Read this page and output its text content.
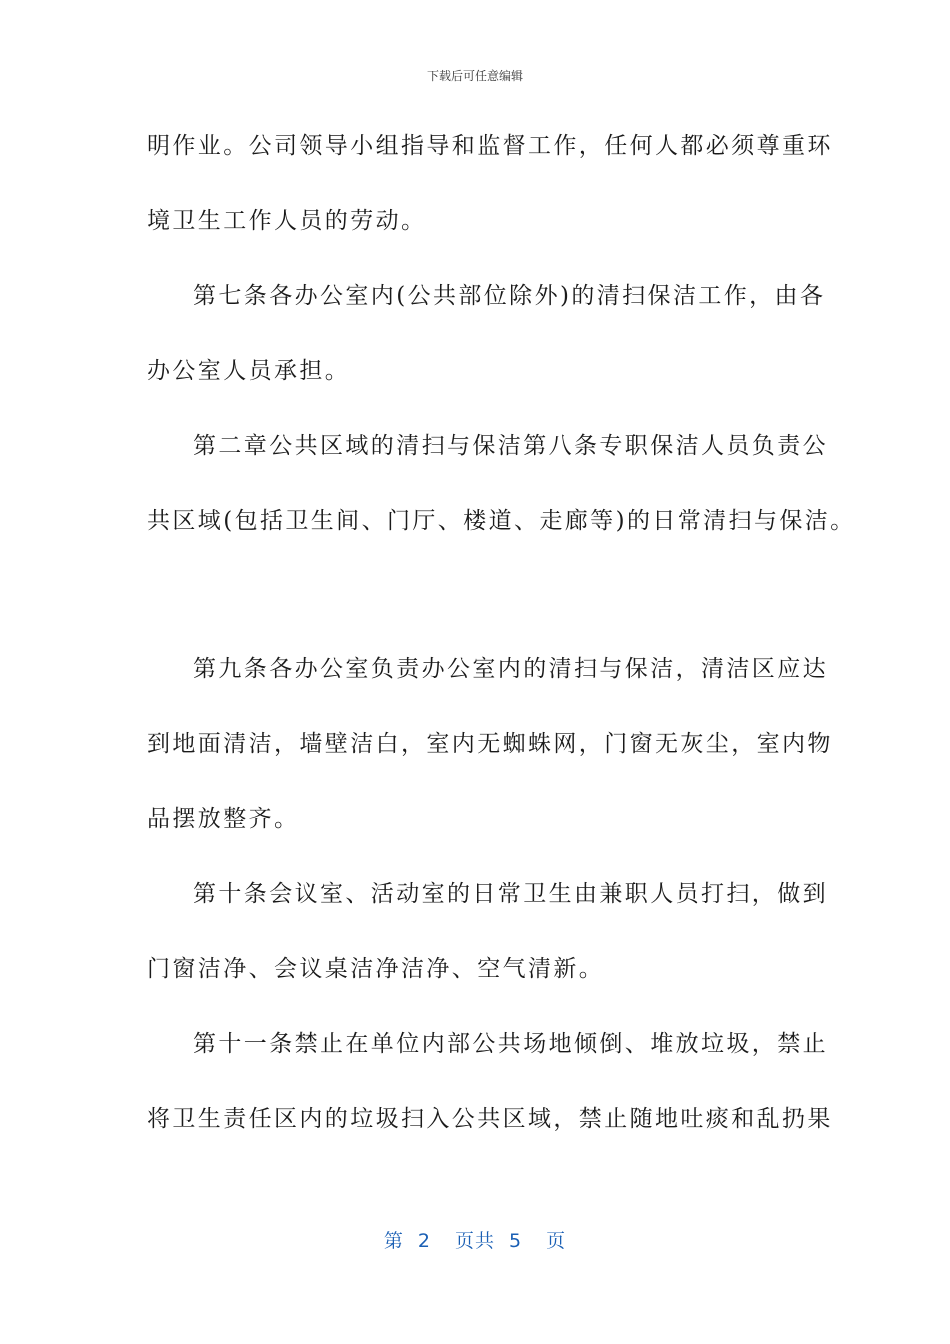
下载后可任意编辑
明作业。公司领导小组指导和监督工作，任何人都必须尊重环
境卫生工作人员的劳动。
第七条各办公室内(公共部位除外)的清扫保洁工作，由各
办公室人员承担。
第二章公共区域的清扫与保洁第八条专职保洁人员负责公
共区域(包括卫生间、门厅、楼道、走廊等)的日常清扫与保洁。
第九条各办公室负责办公室内的清扫与保洁，清洁区应达
到地面清洁，墙壁洁白，室内无蜘蛛网，门窗无灰尘，室内物
品摆放整齐。
第十条会议室、活动室的日常卫生由兼职人员打扫，做到
门窗洁净、会议桌洁净洁净、空气清新。
第十一条禁止在单位内部公共场地倾倒、堆放垃圾，禁止
将卫生责任区内的垃圾扫入公共区域，禁止随地吐痰和乱扔果
第 2 页共 5 页
